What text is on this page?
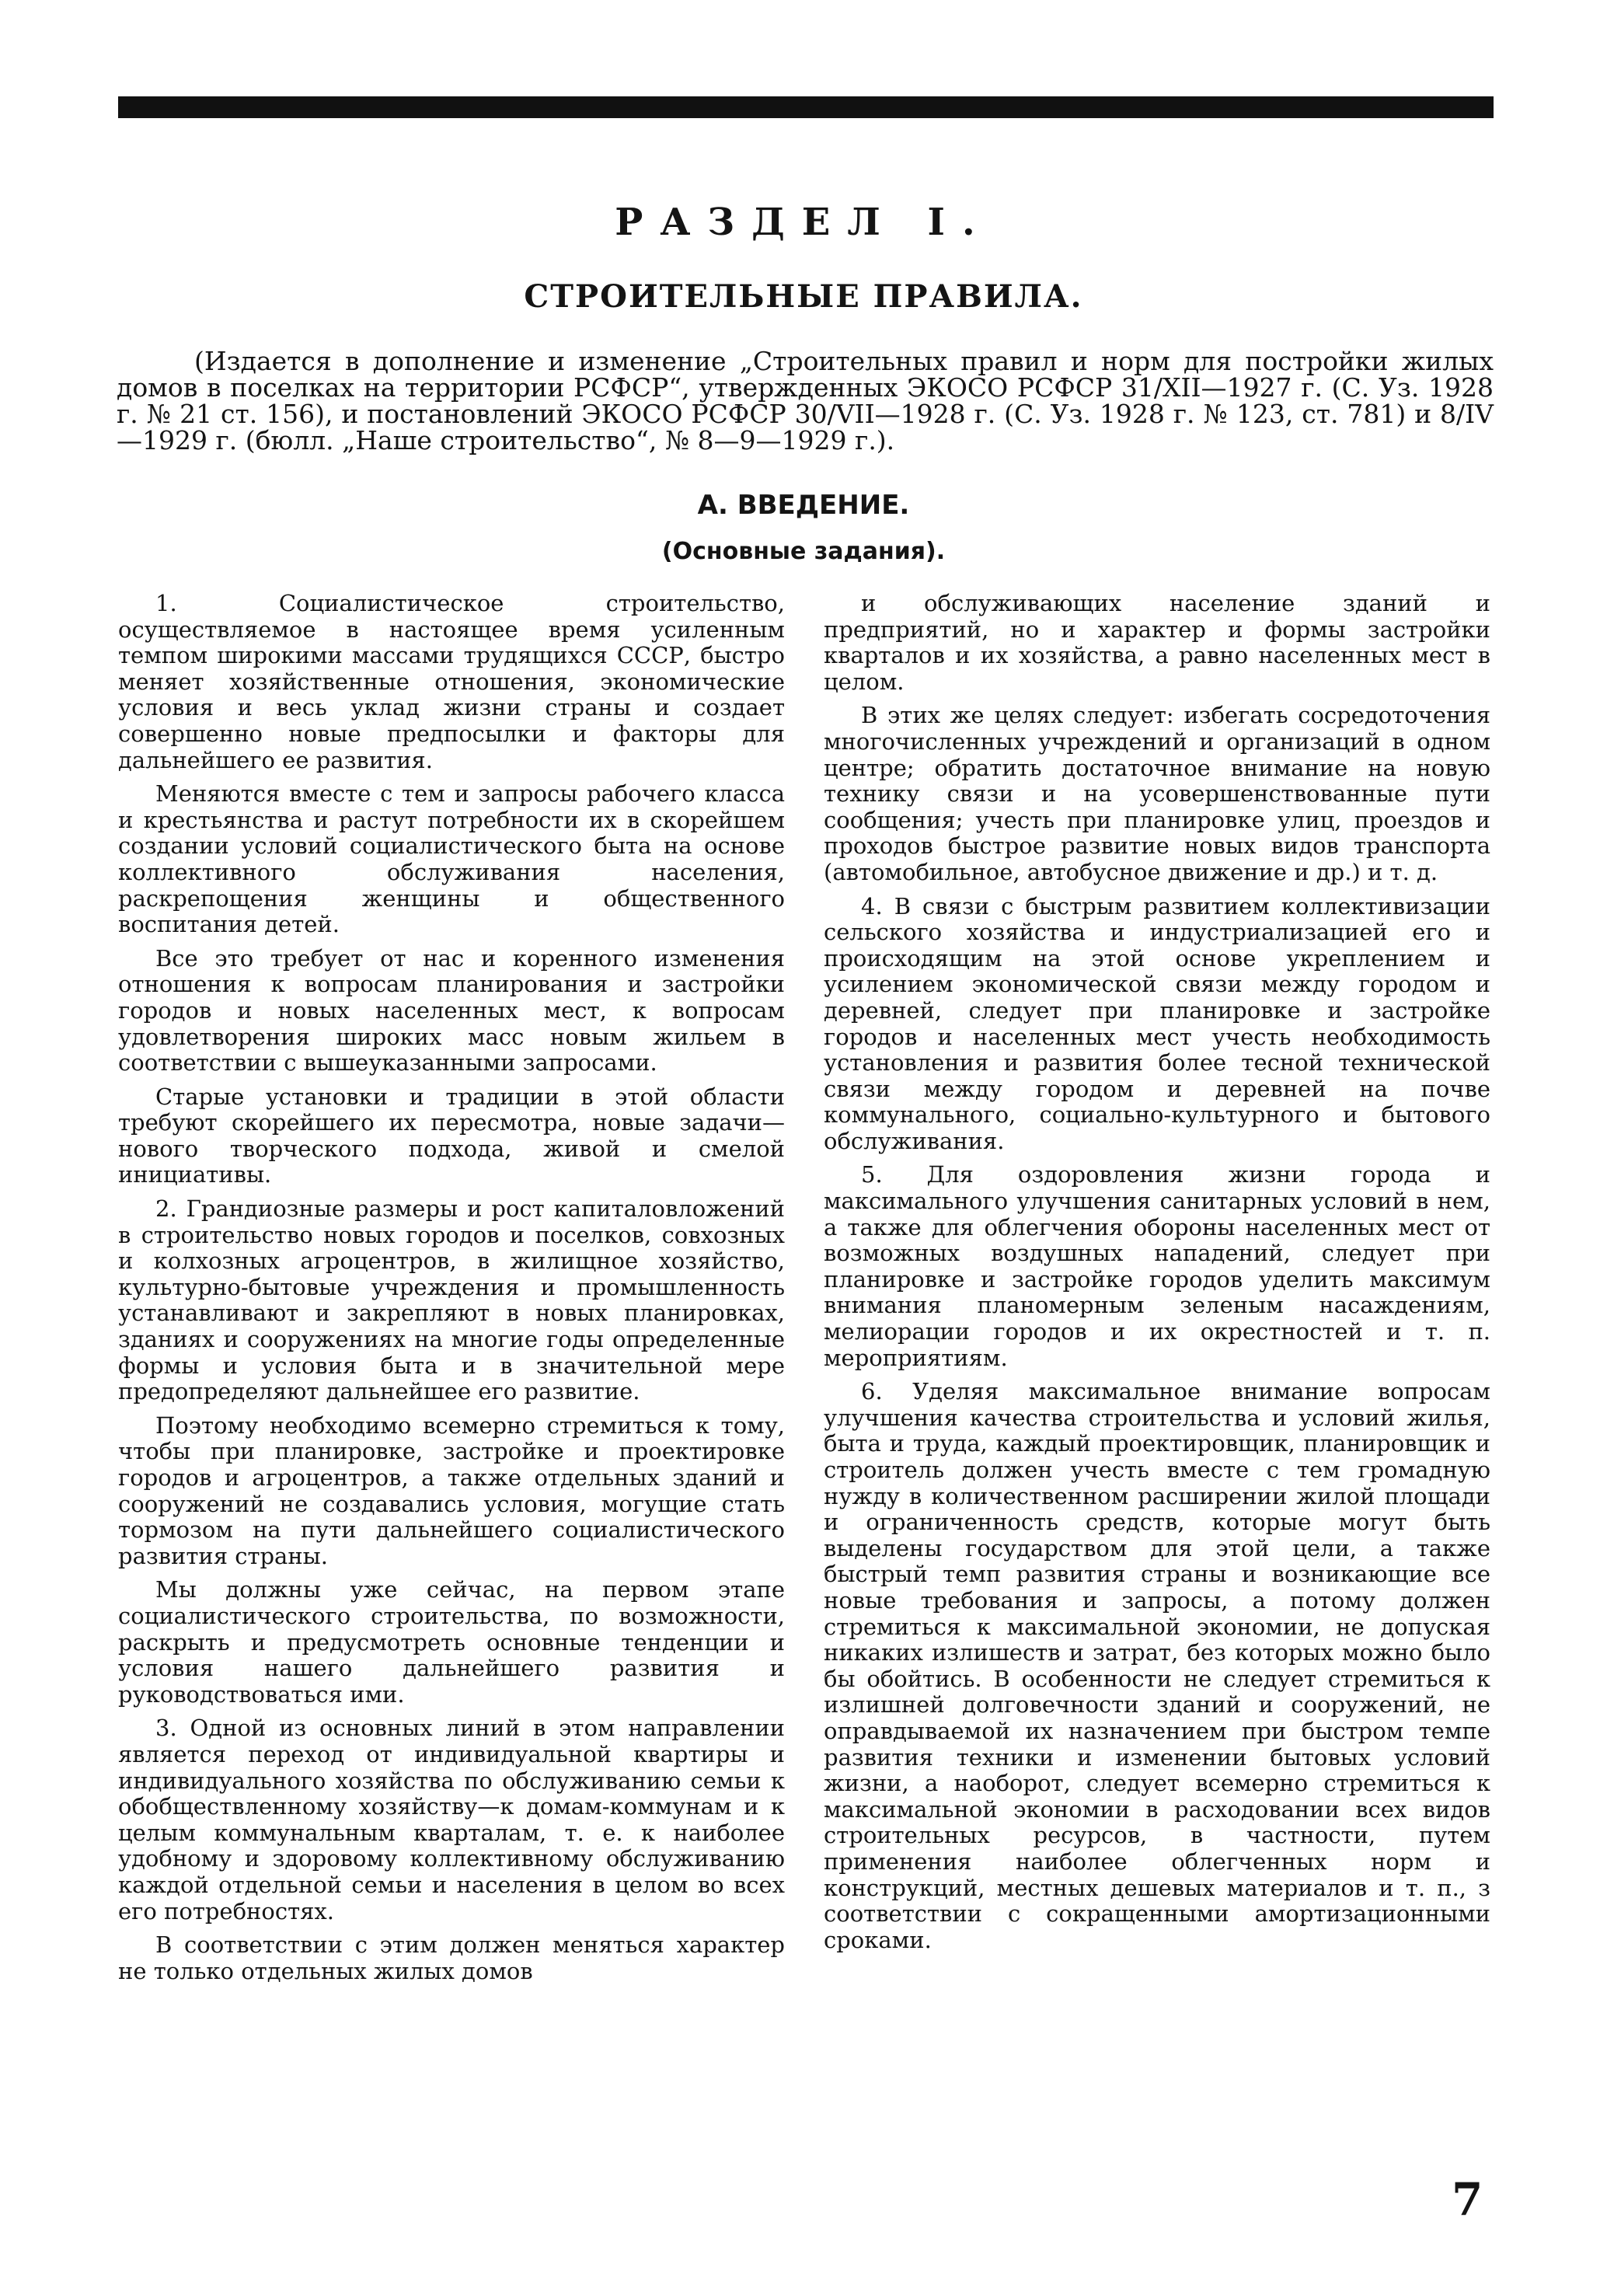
РАЗДЕЛ I.
СТРОИТЕЛЬНЫЕ ПРАВИЛА.

(Издается в дополнение и изменение „Строительных правил и норм для постройки жилых домов в поселках на территории РСФСР“, утвержденных ЭКОСО РСФСР 31/XII—1927 г. (С. Уз. 1928 г. № 21 ст. 156), и постановлений ЭКОСО РСФСР 30/VII—1928 г. (С. Уз. 1928 г. № 123, ст. 781) и 8/IV—1929 г. (бюлл. „Наше строительство“, № 8—9—1929 г.).

А. ВВЕДЕНИЕ.
(Основные задания).

1. Социалистическое строительство, осуществляемое в настоящее время усиленным темпом широкими массами трудящихся СССР, быстро меняет хозяйственные отношения, экономические условия и весь уклад жизни страны и создает совершенно новые предпосылки и факторы для дальнейшего ее развития.

Меняются вместе с тем и запросы рабочего класса и крестьянства и растут потребности их в скорейшем создании условий социалистического быта на основе коллективного обслуживания населения, раскрепощения женщины и общественного воспитания детей.

Все это требует от нас и коренного изменения отношения к вопросам планирования и застройки городов и новых населенных мест, к вопросам удовлетворения широких масс новым жильем в соответствии с вышеуказанными запросами.

Старые установки и традиции в этой области требуют скорейшего их пересмотра, новые задачи—нового творческого подхода, живой и смелой инициативы.

2. Грандиозные размеры и рост капиталовложений в строительство новых городов и поселков, совхозных и колхозных агроцентров, в жилищное хозяйство, культурно-бытовые учреждения и промышленность устанавливают и закрепляют в новых планировках, зданиях и сооружениях на многие годы определенные формы и условия быта и в значительной мере предопределяют дальнейшее его развитие.

Поэтому необходимо всемерно стремиться к тому, чтобы при планировке, застройке и проектировке городов и агроцентров, а также отдельных зданий и сооружений не создавались условия, могущие стать тормозом на пути дальнейшего социалистического развития страны.

Мы должны уже сейчас, на первом этапе социалистического строительства, по возможности, раскрыть и предусмотреть основные тенденции и условия нашего дальнейшего развития и руководствоваться ими.

3. Одной из основных линий в этом направлении является переход от индивидуальной квартиры и индивидуального хозяйства по обслуживанию семьи к обобществленному хозяйству—к домам-коммунам и к целым коммунальным кварталам, т. е. к наиболее удобному и здоровому коллективному обслуживанию каждой отдельной семьи и населения в целом во всех его потребностях.

В соответствии с этим должен меняться характер не только отдельных жилых домов

и обслуживающих население зданий и предприятий, но и характер и формы застройки кварталов и их хозяйства, а равно населенных мест в целом.

В этих же целях следует: избегать сосредоточения многочисленных учреждений и организаций в одном центре; обратить достаточное внимание на новую технику связи и на усовершенствованные пути сообщения; учесть при планировке улиц, проездов и проходов быстрое развитие новых видов транспорта (автомобильное, автобусное движение и др.) и т. д.

4. В связи с быстрым развитием коллективизации сельского хозяйства и индустриализацией его и происходящим на этой основе укреплением и усилением экономической связи между городом и деревней, следует при планировке и застройке городов и населенных мест учесть необходимость установления и развития более тесной технической связи между городом и деревней на почве коммунального, социально-культурного и бытового обслуживания.

5. Для оздоровления жизни города и максимального улучшения санитарных условий в нем, а также для облегчения обороны населенных мест от возможных воздушных нападений, следует при планировке и застройке городов уделить максимум внимания планомерным зеленым насаждениям, мелиорации городов и их окрестностей и т. п. мероприятиям.

6. Уделяя максимальное внимание вопросам улучшения качества строительства и условий жилья, быта и труда, каждый проектировщик, планировщик и строитель должен учесть вместе с тем громадную нужду в количественном расширении жилой площади и ограниченность средств, которые могут быть выделены государством для этой цели, а также быстрый темп развития страны и возникающие все новые требования и запросы, а потому должен стремиться к максимальной экономии, не допуская никаких излишеств и затрат, без которых можно было бы обойтись. В особенности не следует стремиться к излишней долговечности зданий и сооружений, не оправдываемой их назначением при быстром темпе развития техники и изменении бытовых условий жизни, а наоборот, следует всемерно стремиться к максимальной экономии в расходовании всех видов строительных ресурсов, в частности, путем применения наиболее облегченных норм и конструкций, местных дешевых материалов и т. п., з соответствии с сокращенными амортизационными сроками.

7
